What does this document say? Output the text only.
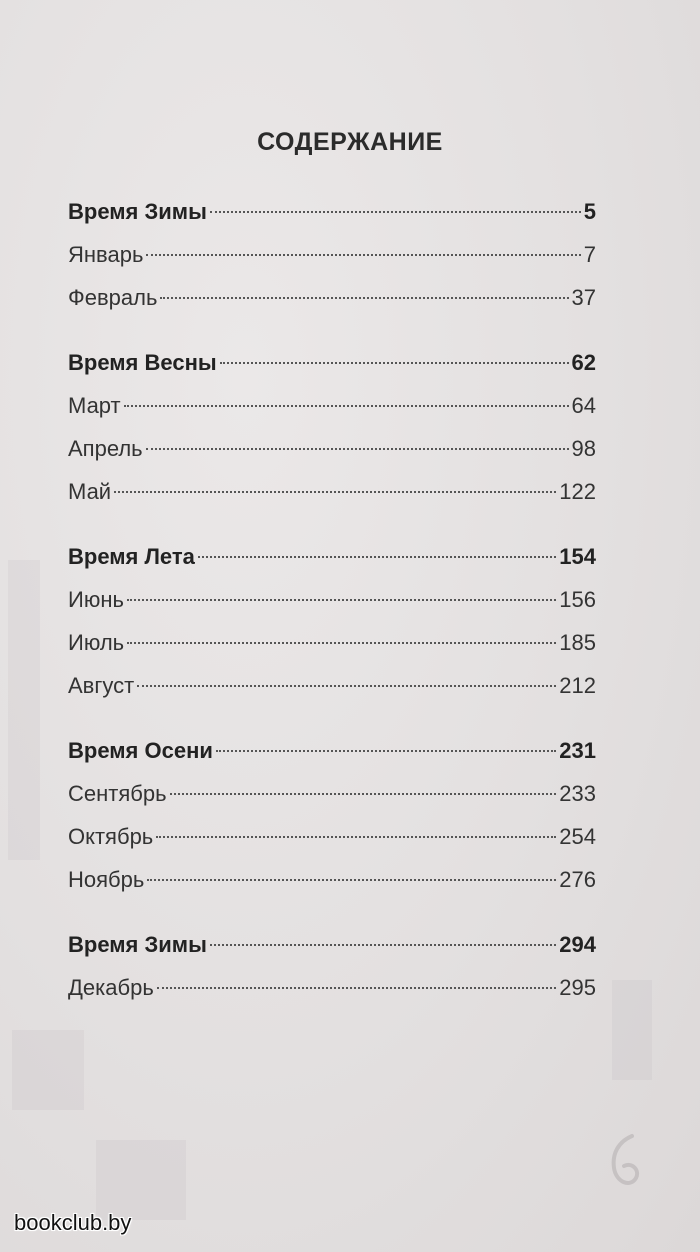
СОДЕРЖАНИЕ
Время Зимы	5
Январь	7
Февраль	37
Время Весны	62
Март	64
Апрель	98
Май	122
Время Лета	154
Июнь	156
Июль	185
Август	212
Время Осени	231
Сентябрь	233
Октябрь	254
Ноябрь	276
Время Зимы	294
Декабрь	295
bookclub.by
